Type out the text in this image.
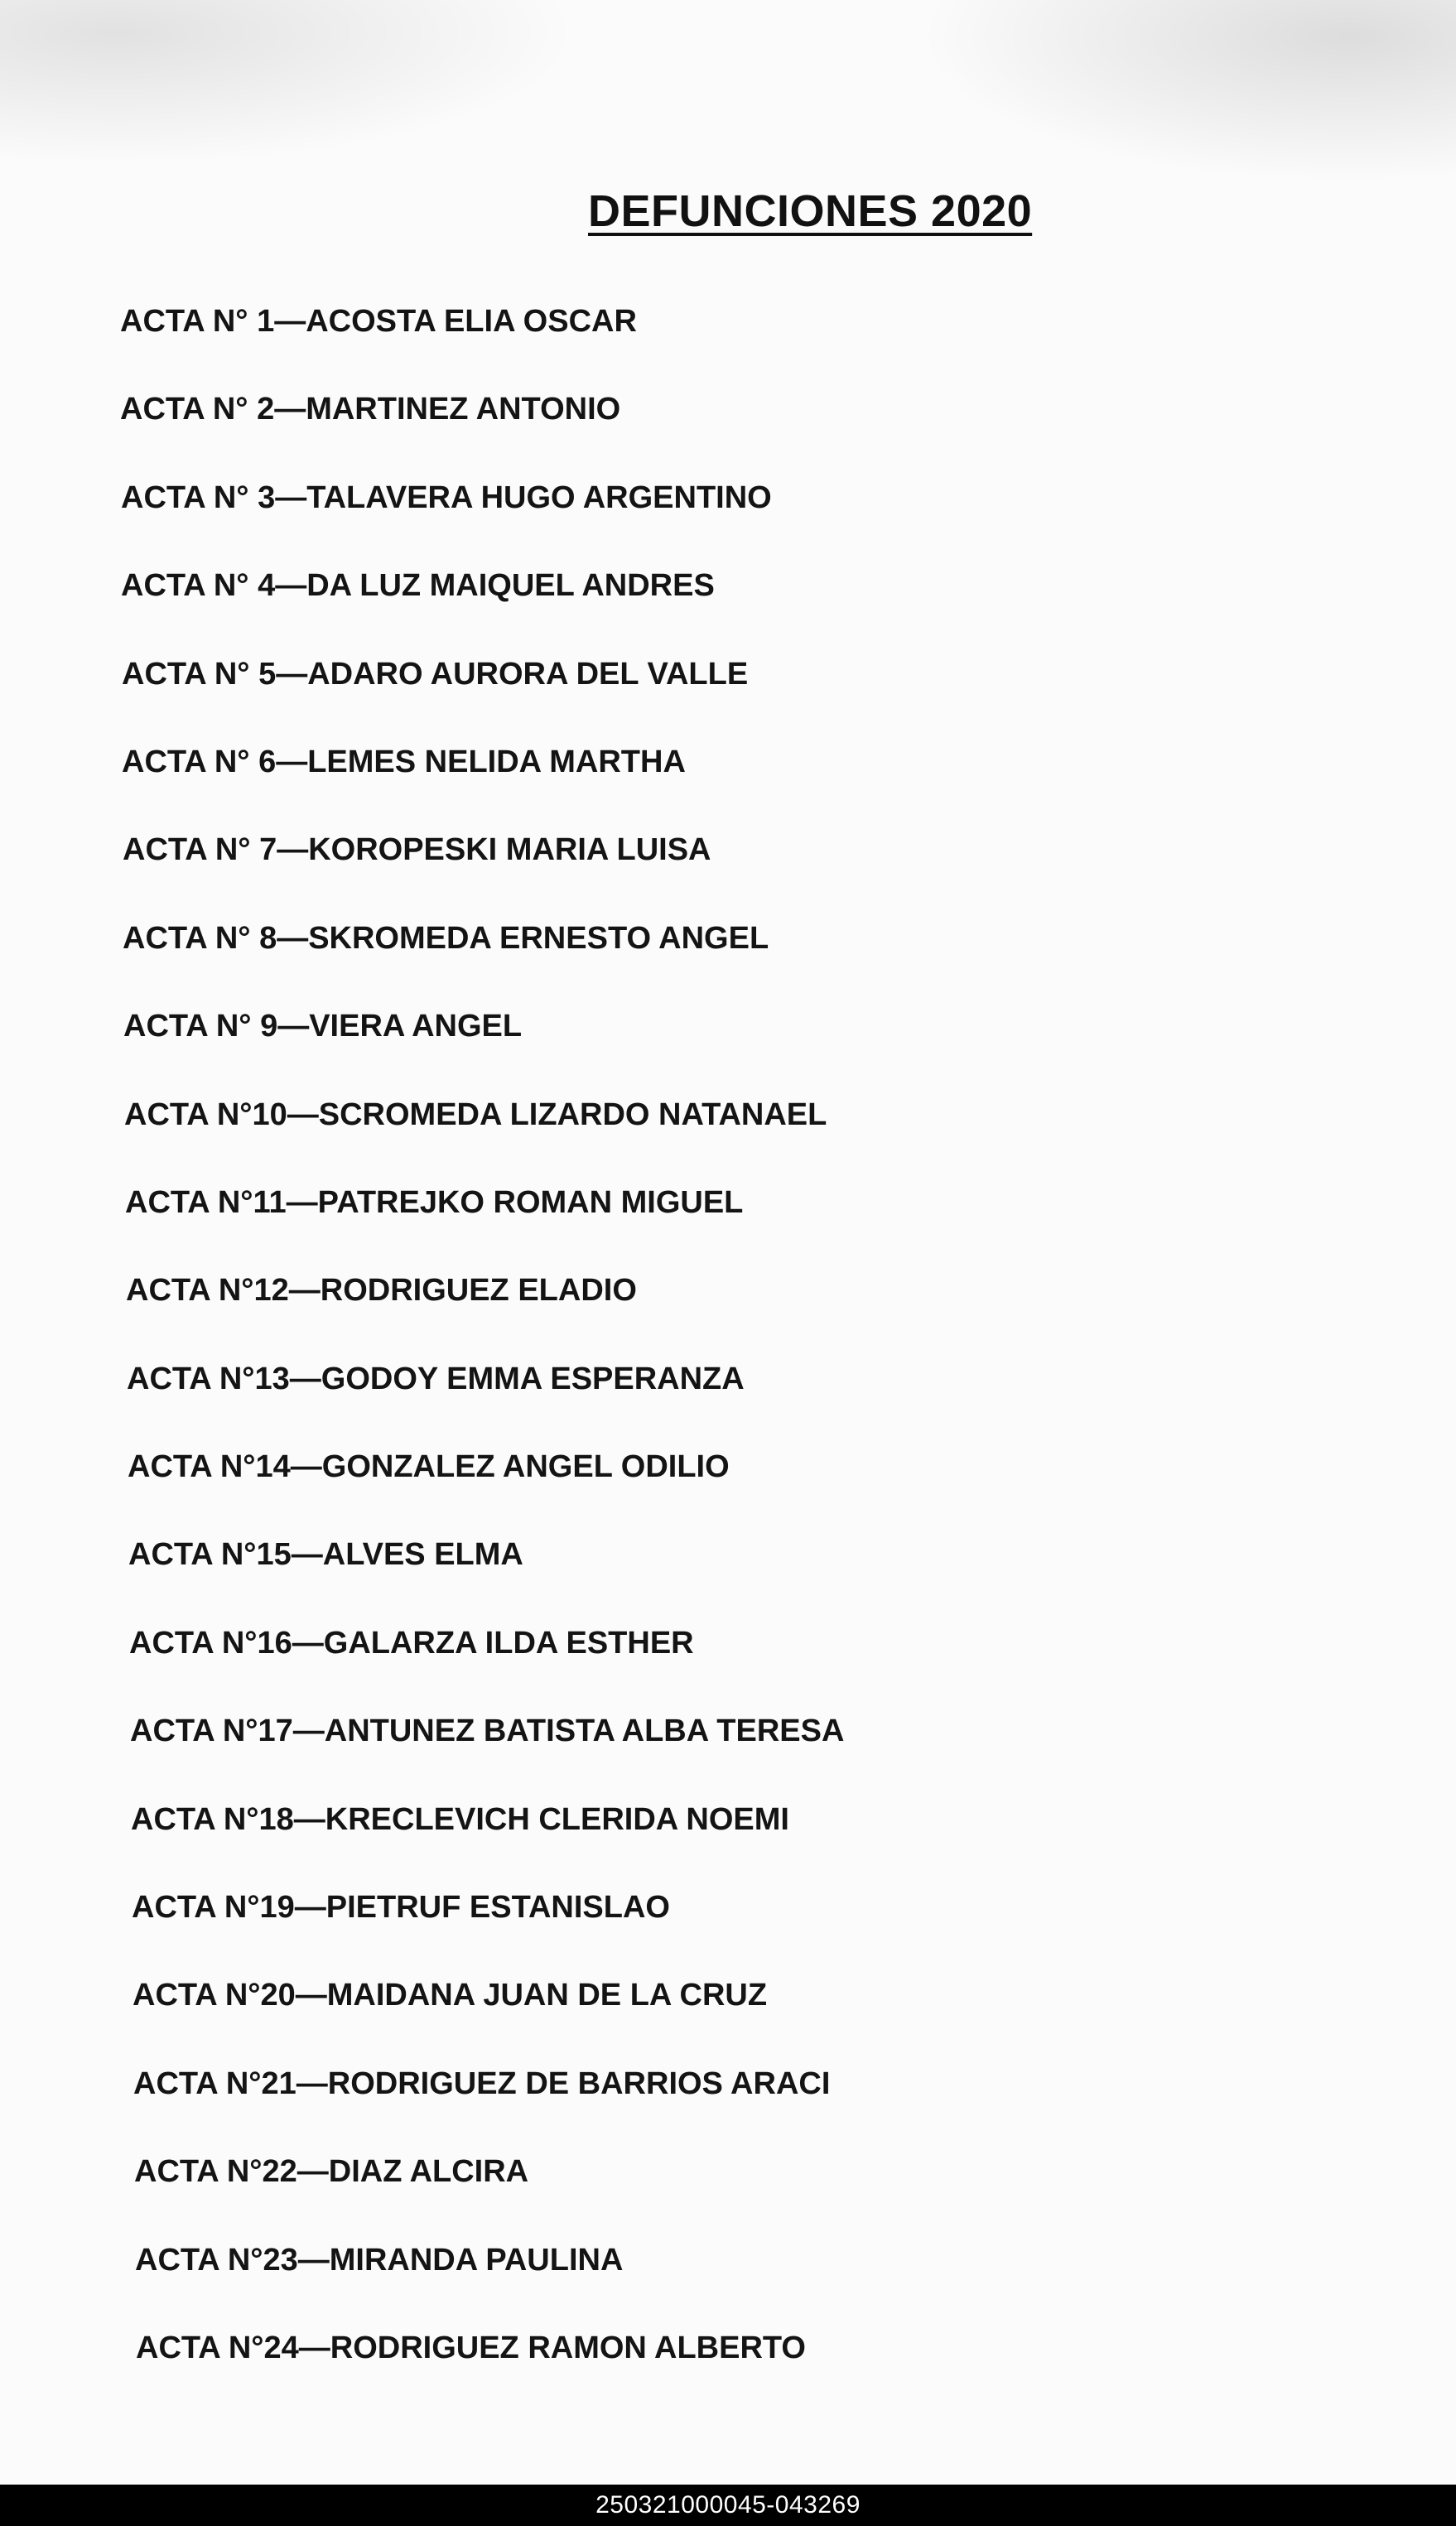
DEFUNCIONES 2020
ACTA N° 1—ACOSTA ELIA OSCAR
ACTA N° 2—MARTINEZ ANTONIO
ACTA N° 3—TALAVERA HUGO ARGENTINO
ACTA N° 4—DA LUZ MAIQUEL ANDRES
ACTA N° 5—ADARO AURORA DEL VALLE
ACTA N° 6—LEMES NELIDA MARTHA
ACTA N° 7—KOROPESKI MARIA LUISA
ACTA N° 8—SKROMEDA ERNESTO ANGEL
ACTA N° 9—VIERA ANGEL
ACTA N°10—SCROMEDA LIZARDO NATANAEL
ACTA N°11—PATREJKO ROMAN MIGUEL
ACTA N°12—RODRIGUEZ ELADIO
ACTA N°13—GODOY EMMA ESPERANZA
ACTA N°14—GONZALEZ ANGEL ODILIO
ACTA N°15—ALVES ELMA
ACTA N°16—GALARZA ILDA ESTHER
ACTA N°17—ANTUNEZ BATISTA ALBA TERESA
ACTA N°18—KRECLEVICH CLERIDA NOEMI
ACTA N°19—PIETRUF ESTANISLAO
ACTA N°20—MAIDANA JUAN DE LA CRUZ
ACTA N°21—RODRIGUEZ DE BARRIOS ARACI
ACTA N°22—DIAZ ALCIRA
ACTA N°23—MIRANDA PAULINA
ACTA N°24—RODRIGUEZ RAMON ALBERTO
250321000045-043269
